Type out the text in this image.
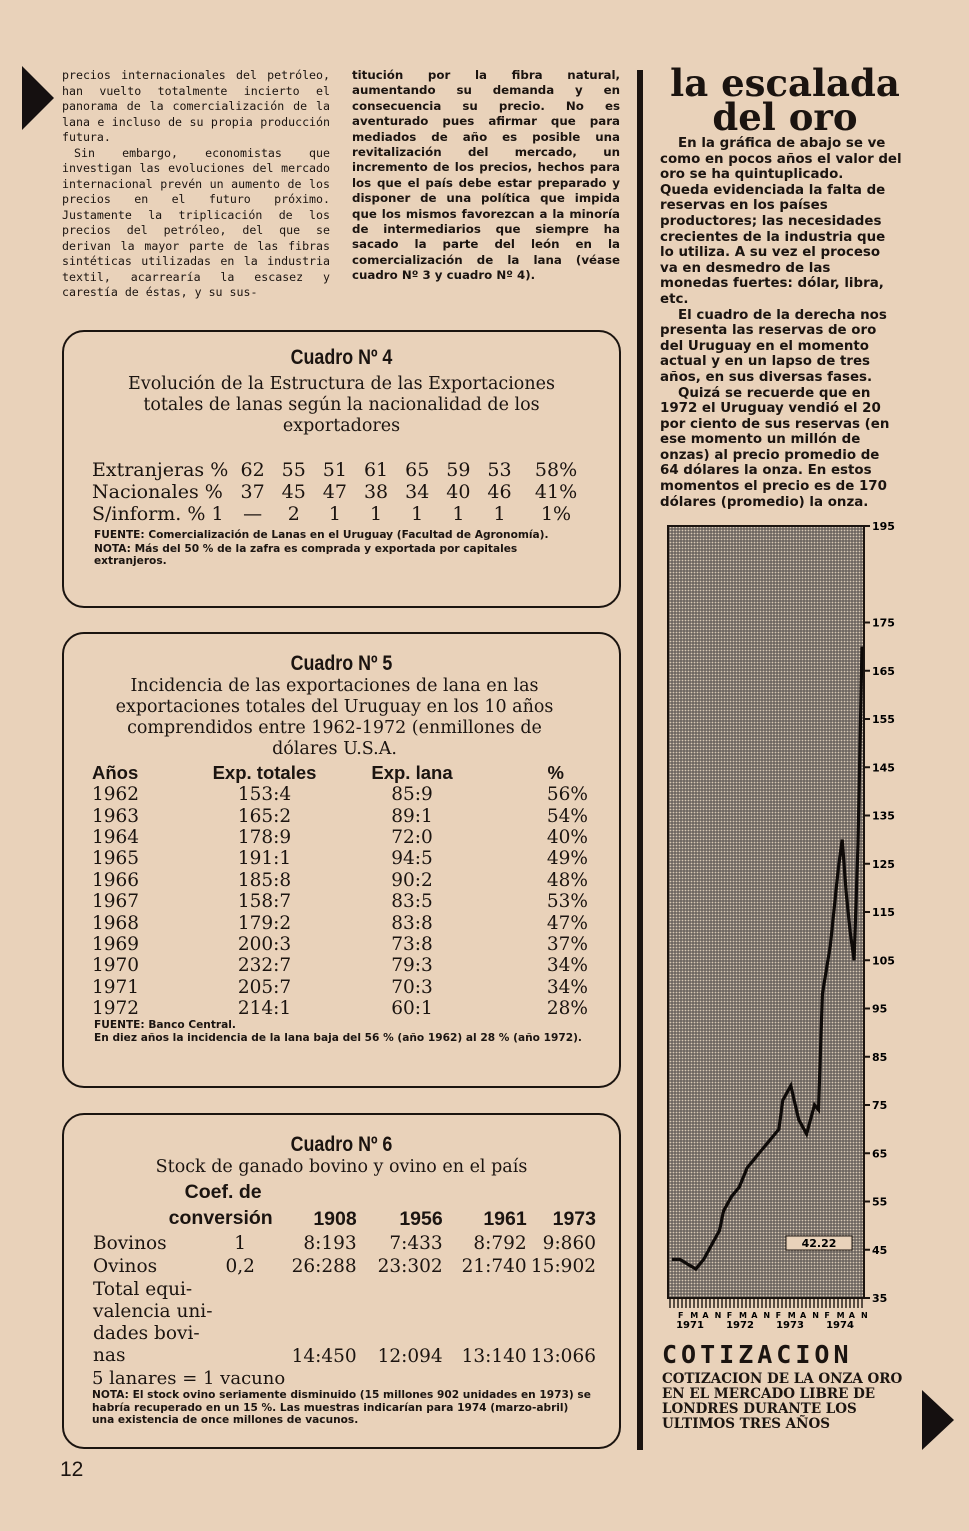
precios internacionales del petróleo, han vuelto totalmente incierto el panorama de la comercialización de la lana e incluso de su propia producción futura.

Sin embargo, economistas que investigan las evoluciones del mercado internacional prevén un aumento de los precios en el futuro próximo. Justamente la triplicación de los precios del petróleo, del que se derivan la mayor parte de las fibras sintéticas utilizadas en la industria textil, acarrearía la escasez y carestía de éstas, y su sus-

titución por la fibra natural, aumentando su demanda y en consecuencia su precio. No es aventurado pues afirmar que para mediados de año es posible una revitalización del mercado, un incremento de los precios, hechos para los que el país debe estar preparado y disponer de una política que impida que los mismos favorezcan a la minoría de intermediarios que siempre ha sacado la parte del león en la comercialización de la lana (véase cuadro Nº 3 y cuadro Nº 4).

Cuadro Nº 4
Evolución de la Estructura de las Exportaciones totales de lanas según la nacionalidad de los exportadores
Extranjeras %	62	55	51	61	65	59	53	58%
Nacionales %	37	45	47	38	34	40	46	41%
S/inform. % 1	—	2	1	1	1	1	1	1%
FUENTE: Comercialización de Lanas en el Uruguay (Facultad de Agronomía).
NOTA: Más del 50 % de la zafra es comprada y exportada por capitales extranjeros.
Cuadro Nº 5
Incidencia de las exportaciones de lana en las exportaciones totales del Uruguay en los 10 años comprendidos entre 1962-1972 (enmillones de dólares U.S.A.
Años	Exp. totales	Exp. lana	%
1962	153:4	85:9	56%
1963	165:2	89:1	54%
1964	178:9	72:0	40%
1965	191:1	94:5	49%
1966	185:8	90:2	48%
1967	158:7	83:5	53%
1968	179:2	83:8	47%
1969	200:3	73:8	37%
1970	232:7	79:3	34%
1971	205:7	70:3	34%
1972	214:1	60:1	28%
FUENTE: Banco Central.
En diez años la incidencia de la lana baja del 56 % (año 1962) al 28 % (año 1972).
Cuadro Nº 6
Stock de ganado bovino y ovino en el país

	Coef. de
conversión	1908	1956	1961	1973
Bovinos	1	8:193	7:433	8:792	9:860
Ovinos	0,2	26:288	23:302	21:740	15:902

Total equi-
valencia uni-
dades bovi-
nas		14:450	12:094	13:140	13:066
5 lanares = 1 vacuno
NOTA: El stock ovino seriamente disminuido (15 millones 902 unidades en 1973) se habría recuperado en un 15 %. Las muestras indicarían para 1974 (marzo-abril) una existencia de once millones de vacunos.
12
la escalada
del oro

En la gráfica de abajo se ve como en pocos años el valor del oro se ha quintuplicado.

Queda evidenciada la falta de reservas en los países productores; las necesidades crecientes de la industria que lo utiliza. A su vez el proceso va en desmedro de las monedas fuertes: dólar, libra, etc.

El cuadro de la derecha nos presenta las reservas de oro del Uruguay en el momento actual y en un lapso de tres años, en sus diversas fases.

Quizá se recuerde que en 1972 el Uruguay vendió el 20 por ciento de sus reservas (en ese momento un millón de onzas) al precio promedio de 64 dólares la onza. En estos momentos el precio es de 170 dólares (promedio) la onza.

195
175
165
155
145
135
125
115
105
95
85
75
65
55
45
35
42.22
F M A N F M A N F M A N F M A N
1971 1972 1973 1974
COTIZACION
COTIZACION DE LA ONZA ORO EN EL MERCADO LIBRE DE LONDRES DURANTE LOS ULTIMOS TRES AÑOS
